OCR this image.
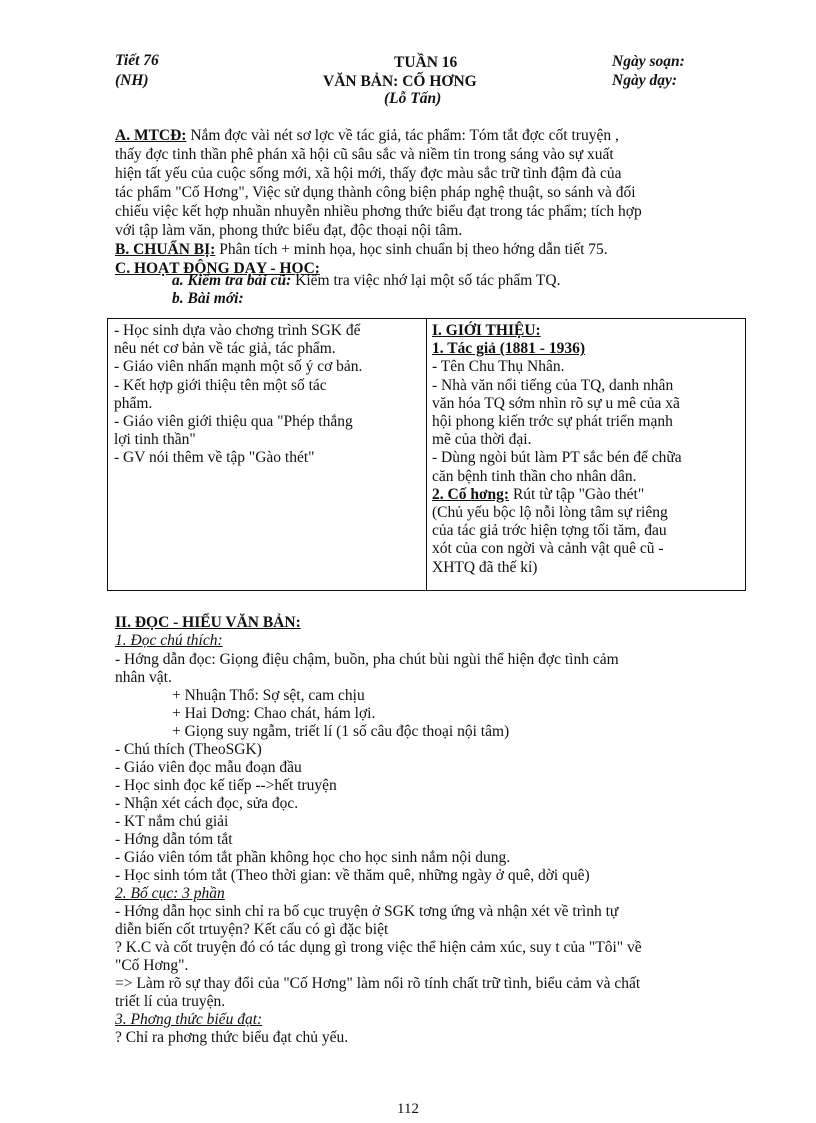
Tiết 76
(NH)
TUẦN 16
VĂN BẢN: CỐ HƠNG
(Lỗ Tấn)
Ngày soạn:
Ngày dạy:
A. MTCĐ: Nắm đợc vài nét sơ lợc về tác giả, tác phẩm: Tóm tắt đợc cốt truyện ,
thấy đợc tinh thần phê phán xã hội cũ sâu sắc và niềm tin trong sáng vào sự xuất
hiện tất yếu của cuộc sống mới, xã hội mới, thấy đợc màu sắc trữ tình đậm đà của
tác phẩm "Cố Hơng", Việc sử dụng thành công biện pháp nghệ thuật, so sánh và đối
chiếu việc kết hợp nhuần nhuyễn nhiều phơng thức biểu đạt trong tác phẩm; tích hợp
với tập làm văn, phong thức biểu đạt, độc thoại nội tâm.
B. CHUẨN BỊ: Phân tích + minh họa, học sinh chuẩn bị theo hớng dẫn tiết 75.
C. HOẠT ĐỘNG DẠY - HỌC:
a. Kiểm tra bài cũ: Kiểm tra việc nhớ lại một số tác phẩm TQ.
b. Bài mới:

- Học sinh dựa vào chơng trình SGK để

nêu nét cơ bản về tác giả, tác phẩm.

- Giáo viên nhấn mạnh một số ý cơ bản.

- Kết hợp giới thiệu tên một số tác

phẩm.

- Giáo viên giới thiệu qua "Phép thắng

lợi tinh thần"

- GV nói thêm về tập "Gào thét"

I. GIỚI THIỆU:

1. Tác giả (1881 - 1936)

- Tên Chu Thụ Nhân.

- Nhà văn nổi tiếng của TQ, danh nhân

văn hóa TQ sớm nhìn rõ sự u mê của xã

hội phong kiến trớc sự phát triển mạnh

mẽ của thời đại.

- Dùng ngòi bút làm PT sắc bén để chữa

căn bệnh tinh thần cho nhân dân.

2. Cố hơng: Rút từ tập "Gào thét"

(Chủ yếu bộc lộ nỗi lòng tâm sự riêng

của tác giả trớc hiện tợng tối tăm, đau

xót của con ngời và cảnh vật quê cũ -

XHTQ đã thế kỉ)

II. ĐỌC - HIỂU VĂN BẢN:
1. Đọc chú thích:
- Hớng dẫn đọc: Giọng điệu chậm, buồn, pha chút bùi ngùi thể hiện đợc tình cảm
nhân vật.
+ Nhuận Thổ: Sợ sệt, cam chịu
+ Hai Dơng: Chao chát, hám lợi.
+ Giọng suy ngẫm, triết lí (1 số câu độc thoại nội tâm)
- Chú thích (TheoSGK)
- Giáo viên đọc mẫu đoạn đầu
- Học sinh đọc kế tiếp -->hết truyện
- Nhận xét cách đọc, sửa đọc.
- KT nắm chú giải
- Hớng dẫn tóm tắt
- Giáo viên tóm tắt phần không học cho học sinh nắm nội dung.
- Học sinh tóm tắt (Theo thời gian: về thăm quê, những ngày ở quê, dời quê)
2. Bố cục: 3 phần
- Hớng dẫn học sinh chỉ ra bố cục truyện ở SGK tơng ứng và nhận xét về trình tự
diễn biến cốt trtuyện? Kết cấu có gì đặc biệt
? K.C và cốt truyện đó có tác dụng gì trong việc thể hiện cảm xúc, suy t của "Tôi" về
"Cố Hơng".
=> Làm rõ sự thay đổi của "Cố Hơng" làm nổi rõ tính chất trữ tình, biểu cảm và chất
triết lí của truyện.
3. Phơng thức biểu đạt:
? Chỉ ra phơng thức biểu đạt chủ yếu.
112
